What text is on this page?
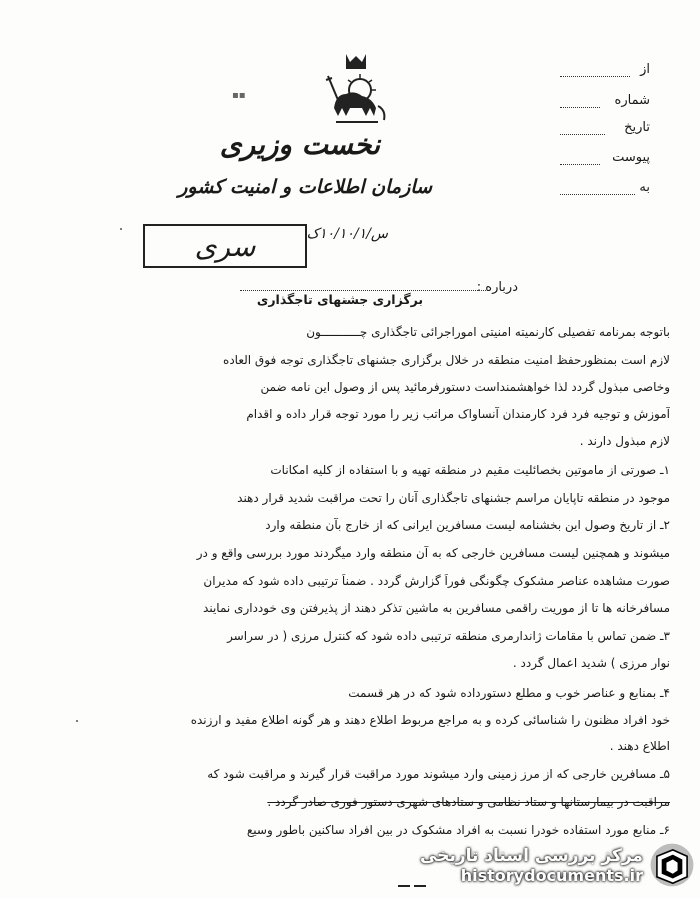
▪▪
نخست وزیری
سازمان اطلاعات و امنیت کشور
س/۱۰/۱۰/۱ک
سری
از
شماره
تاریخ
پیوست
به
درباره :
برگزاری جشنهای تاجگذاری
باتوجه بمرنامه تفصیلی کارنمیته امنیتی اموراجرائی تاجگذاری چـــــــــــون
لازم است بمنظورحفظ امنیت منطقه در خلال برگزاری جشنهای تاجگذاری توجه فوق العاده
وخاصی مبذول گردد لذا خواهشمنداست دستورفرمائید پس از وصول این نامه ضمن
آموزش و توجیه فرد فرد کارمندان آنساواک مراتب زیر را مورد توجه قرار داده و اقدام
لازم مبذول دارند .
۱ـ صورتی از ماموتین بخصائلیت مقیم در منطقه تهیه و با استفاده از کلیه امکانات
موجود در منطقه تاپایان مراسم جشنهای تاجگذاری آنان را تحت مراقبت شدید قرار دهند
۲ـ از تاریخ وصول این بخشنامه لیست مسافرین ایرانی که از خارج بآن منطقه وارد
میشوند و همچنین لیست مسافرین خارجی که به آن منطقه وارد میگردند مورد بررسی واقع و در
صورت مشاهده عناصر مشکوک چگونگی فوراً گزارش گردد . ضمناً ترتیبی داده شود که مدیران
مسافرخانه ها تا از موریت راقمی مسافرین به ماشین تذکر دهند از پذیرفتن وی خودداری نمایند
۳ـ ضمن تماس با مقامات ژاندارمری منطقه ترتیبی داده شود که کنترل مرزی ( در سراسر
نوار مرزی ) شدید اعمال گردد .
۴ـ بمنابع و عناصر خوب و مطلع دستورداده شود که در هر قسمت
خود افراد مظنون را شناسائی کرده و به مراجع مربوط اطلاع دهند و هر گونه اطلاع مفید و ارزنده
اطلاع دهند .
۵ـ مسافرین خارجی که از مرز زمینی وارد میشوند مورد مراقبت قرار گیرند و مراقبت شود که
مراقبت در بیمارستانها و ستاد نظامی و ستادهای شهری دستور فوری صادر گردد .
۶ـ منابع مورد استفاده خودرا نسبت به افراد مشکوک در بین افراد ساکنین باطور وسیع
مرکز بررسی اسناد تاریخی
historydocuments.ir
